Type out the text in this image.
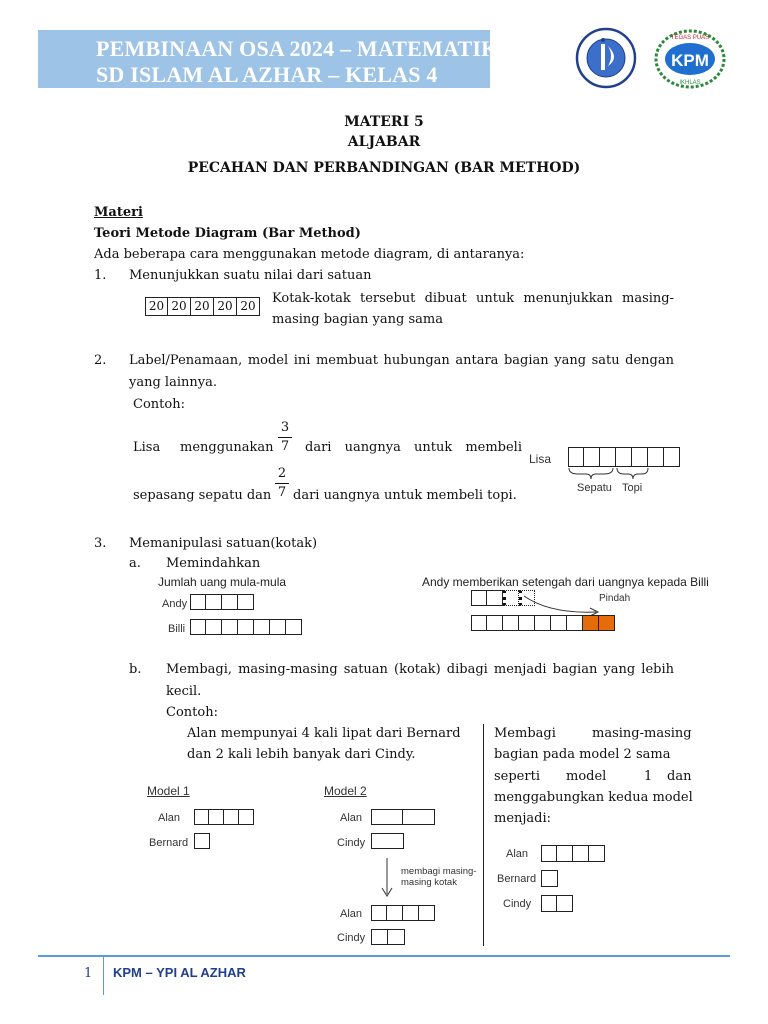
PEMBINAAN OSA 2024 – MATEMATIKA
SD ISLAM AL AZHAR – KELAS 4
KPM
TEGAS PUAS
IKHLAS
MATERI 5
ALJABAR
PECAHAN DAN PERBANDINGAN (BAR METHOD)
Materi
Teori Metode Diagram (Bar Method)
Ada beberapa cara menggunakan metode diagram, di antaranya:
1. Menunjukkan suatu nilai dari satuan
20 20 20 20 20	Kotak-kotak tersebut dibuat untuk menunjukkan masing-
masing bagian yang sama
2. Label/Penamaan, model ini membuat hubungan antara bagian yang satu dengan
yang lainnya.
Contoh:
Lisa menggunakan
3
7 dari uangnya untuk membeli
sepasang sepatu dan
2
7 dari uangnya untuk membeli topi.
Lisa
Sepatu Topi
3. Memanipulasi satuan(kotak)
a. Memindahkan
Jumlah uang mula-mula
Andy
Billi
Andy memberikan setengah dari uangnya kepada Billi
Pindah
b. Membagi, masing-masing satuan (kotak) dibagi menjadi bagian yang lebih
kecil.
Contoh:
Alan mempunyai 4 kali lipat dari Bernard
dan 2 kali lebih banyak dari Cindy.
Membagi	masing-masing
bagian pada model 2 sama
seperti model	1 dan
menggabungkan kedua model
menjadi:
Model 1
Alan
Bernard
Model 2
Alan
Cindy
membagi masing-
masing kotak
Alan
Cindy
Alan
Bernard
Cindy
1 KPM – YPI AL AZHAR
